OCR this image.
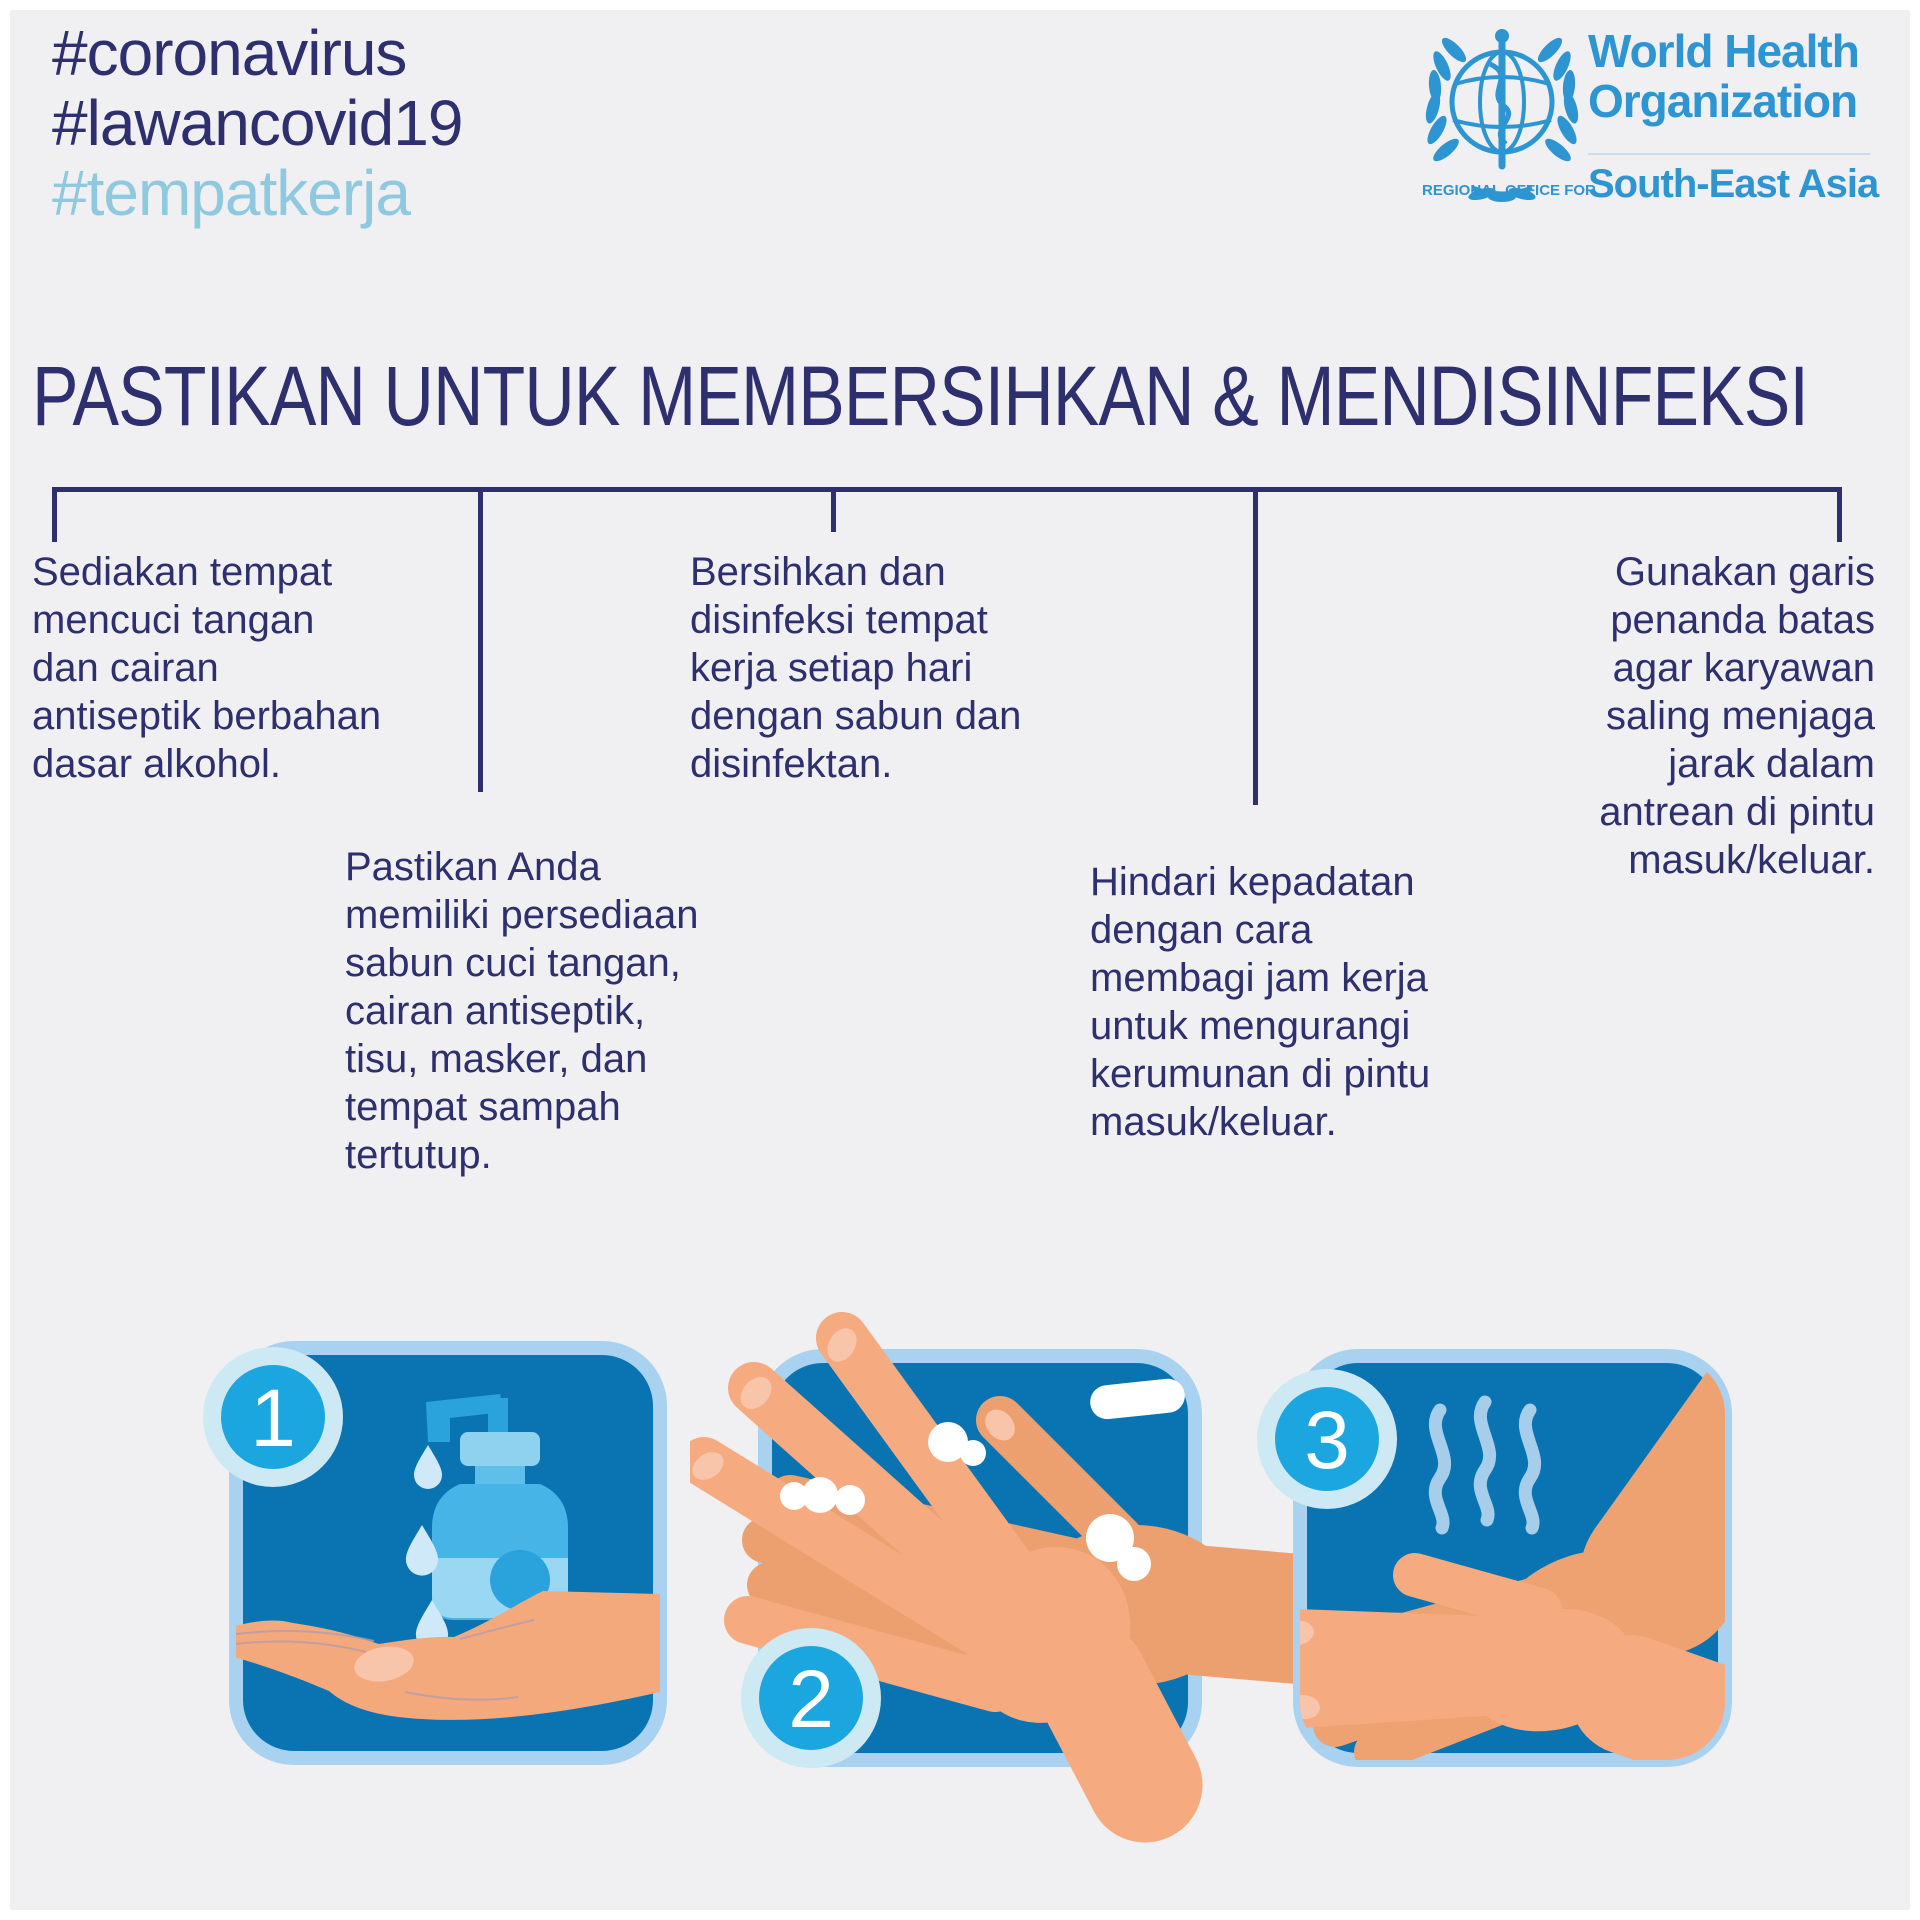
#coronavirus
#lawancovid19
#tempatkerja
World Health
Organization
REGIONAL OFFICE FOR
South-East Asia
PASTIKAN UNTUK MEMBERSIHKAN & MENDISINFEKSI
Sediakan tempat mencuci tangan dan cairan antiseptik berbahan dasar alkohol.
Pastikan Anda memiliki persediaan sabun cuci tangan, cairan antiseptik, tisu, masker, dan tempat sampah tertutup.
Bersihkan dan disinfeksi tempat kerja setiap hari dengan sabun dan disinfektan.
Hindari kepadatan dengan cara membagi jam kerja untuk mengurangi kerumunan di pintu masuk/keluar.
Gunakan garis penanda batas agar karyawan saling menjaga jarak dalam antrean di pintu masuk/keluar.
1
2
3
